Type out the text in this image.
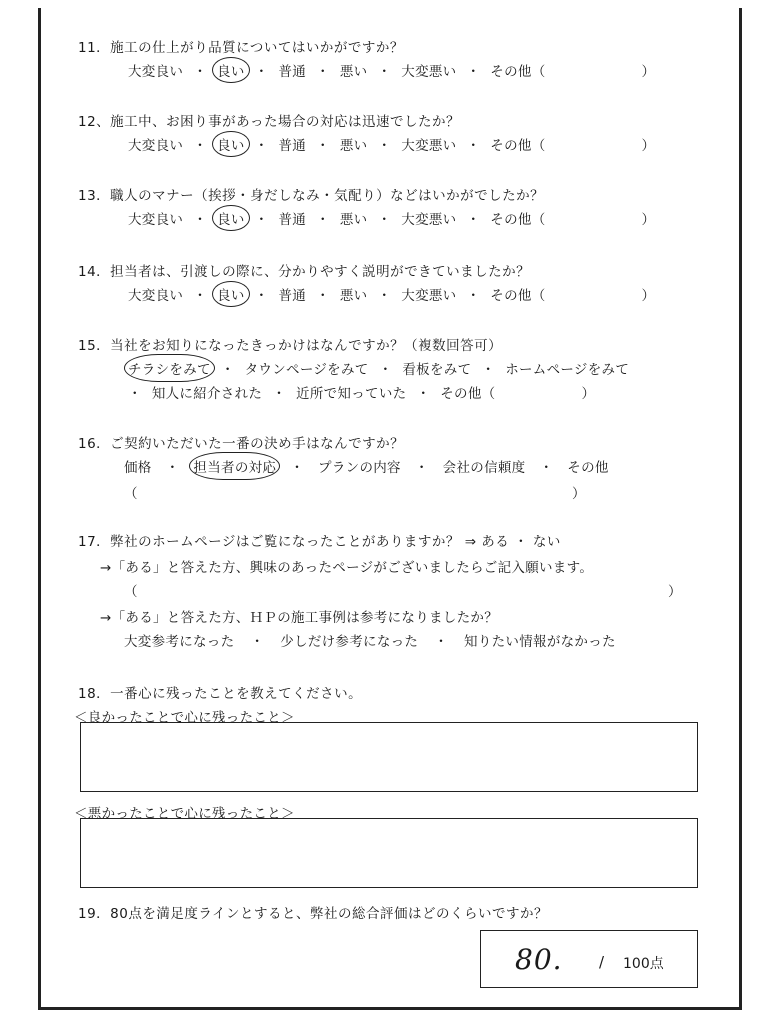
11．施工の仕上がり品質についてはいかがですか？
大変良い ・ 良い ・ 普通 ・ 悪い ・ 大変悪い ・ その他（	）
12、施工中、お困り事があった場合の対応は迅速でしたか？
大変良い ・ 良い ・ 普通 ・ 悪い ・ 大変悪い ・ その他（	）
13．職人のマナー（挨拶・身だしなみ・気配り）などはいかがでしたか？
大変良い ・ 良い ・ 普通 ・ 悪い ・ 大変悪い ・ その他（	）
14．担当者は、引渡しの際に、分かりやすく説明ができていましたか？
大変良い ・ 良い ・ 普通 ・ 悪い ・ 大変悪い ・ その他（	）
15．当社をお知りになったきっかけはなんですか？（複数回答可）
チラシをみて ・ タウンページをみて ・ 看板をみて ・ ホームページをみて
・ 知人に紹介された ・ 近所で知っていた ・ その他（	）
16．ご契約いただいた一番の決め手はなんですか？
価格 ・ 担当者の対応 ・ プランの内容 ・ 会社の信頼度 ・ その他
（	）
17．弊社のホームページはご覧になったことがありますか？ ⇒ ある ・ ない
→「ある」と答えた方、興味のあったページがございましたらご記入願います。
（	）
→「ある」と答えた方、ＨＰの施工事例は参考になりましたか？
大変参考になった ・ 少しだけ参考になった ・ 知りたい情報がなかった
18．一番心に残ったことを教えてください。
＜良かったことで心に残ったこと＞
＜悪かったことで心に残ったこと＞
19．80点を満足度ラインとすると、弊社の総合評価はどのくらいですか？
80. / 100点
